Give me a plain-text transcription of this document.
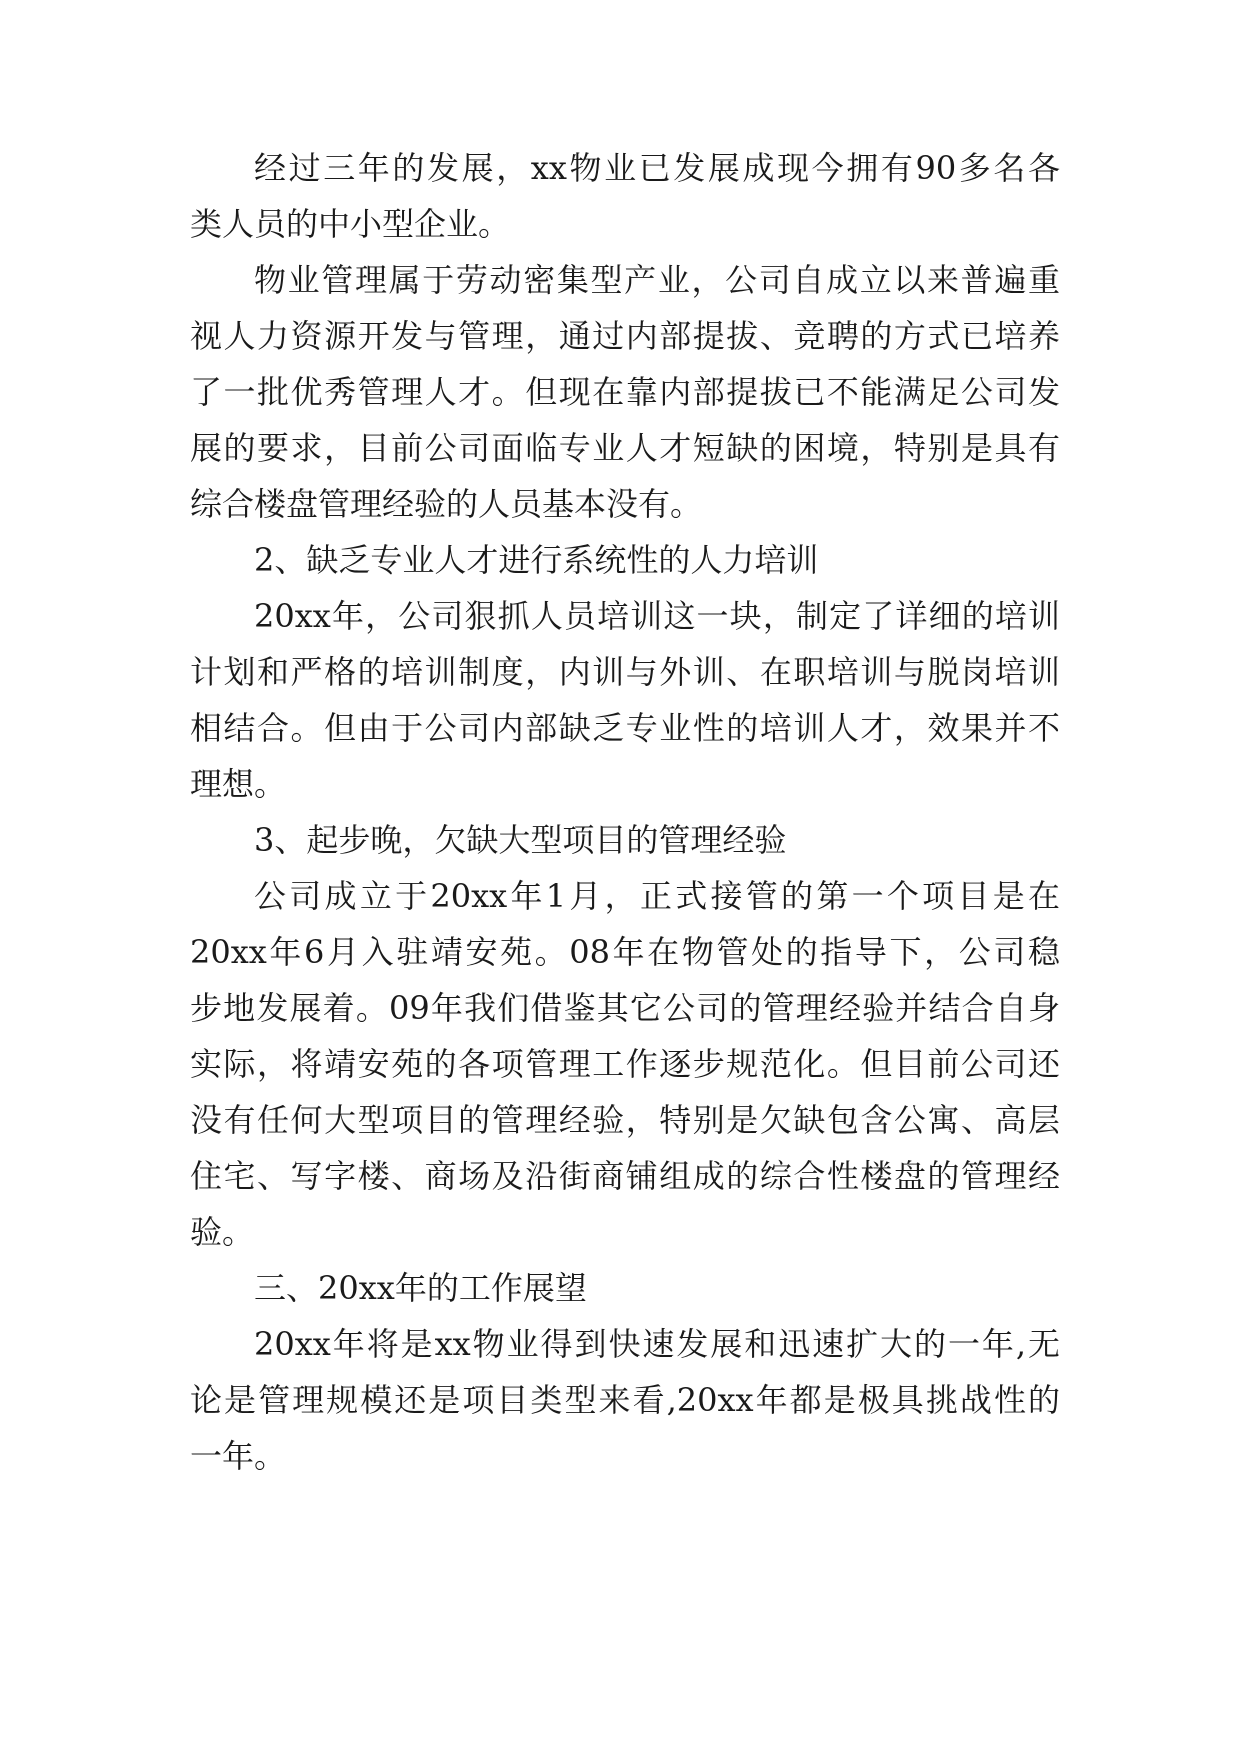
经过三年的发展，xx物业已发展成现今拥有90多名各
类人员的中小型企业。
物业管理属于劳动密集型产业，公司自成立以来普遍重
视人力资源开发与管理，通过内部提拔、竞聘的方式已培养
了一批优秀管理人才。但现在靠内部提拔已不能满足公司发
展的要求，目前公司面临专业人才短缺的困境，特别是具有
综合楼盘管理经验的人员基本没有。
2、缺乏专业人才进行系统性的人力培训
20xx年，公司狠抓人员培训这一块，制定了详细的培训
计划和严格的培训制度，内训与外训、在职培训与脱岗培训
相结合。但由于公司内部缺乏专业性的培训人才，效果并不
理想。
3、起步晚，欠缺大型项目的管理经验
公司成立于20xx年1月，正式接管的第一个项目是在
20xx年6月入驻靖安苑。08年在物管处的指导下，公司稳
步地发展着。09年我们借鉴其它公司的管理经验并结合自身
实际，将靖安苑的各项管理工作逐步规范化。但目前公司还
没有任何大型项目的管理经验，特别是欠缺包含公寓、高层
住宅、写字楼、商场及沿街商铺组成的综合性楼盘的管理经
验。
三、20xx年的工作展望
20xx年将是xx物业得到快速发展和迅速扩大的一年,无
论是管理规模还是项目类型来看,20xx年都是极具挑战性的
一年。
